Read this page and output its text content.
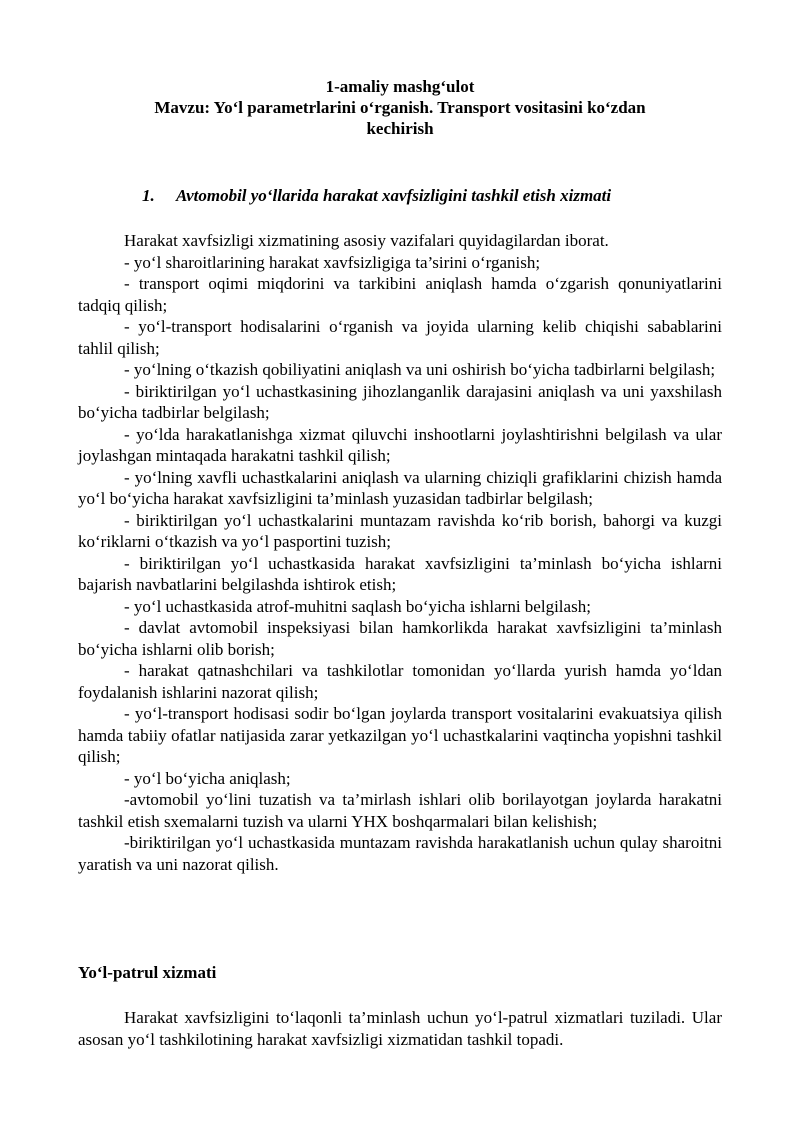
1-amaliy mashg‘ulot
Mavzu: Yo‘l parametrlarini o‘rganish. Transport vositasini ko‘zdan
kechirish
1. Avtomobil yo‘llarida harakat xavfsizligini tashkil etish xizmati

Harakat xavfsizligi xizmatining asosiy vazifalari quyidagilardan iborat.

- yo‘l sharoitlarining harakat xavfsizligiga ta’sirini o‘rganish;

- transport oqimi miqdorini va tarkibini aniqlash hamda o‘zgarish qonuniyatlarini tadqiq qilish;

- yo‘l-transport hodisalarini o‘rganish va joyida ularning kelib chiqishi sabablarini tahlil qilish;

- yo‘lning o‘tkazish qobiliyatini aniqlash va uni oshirish bo‘yicha tadbirlarni belgilash;

- biriktirilgan yo‘l uchastkasining jihozlanganlik darajasini aniqlash va uni yaxshilash bo‘yicha tadbirlar belgilash;

- yo‘lda harakatlanishga xizmat qiluvchi inshootlarni joylashtirishni belgilash va ular joylashgan mintaqada harakatni tashkil qilish;

- yo‘lning xavfli uchastkalarini aniqlash va ularning chiziqli grafiklarini chizish hamda yo‘l bo‘yicha harakat xavfsizligini ta’minlash yuzasidan tadbirlar belgilash;

- biriktirilgan yo‘l uchastkalarini muntazam ravishda ko‘rib borish, bahorgi va kuzgi ko‘riklarni o‘tkazish va yo‘l pasportini tuzish;

- biriktirilgan yo‘l uchastkasida harakat xavfsizligini ta’minlash bo‘yicha ishlarni bajarish navbatlarini belgilashda ishtirok etish;

- yo‘l uchastkasida atrof-muhitni saqlash bo‘yicha ishlarni belgilash;

- davlat avtomobil inspeksiyasi bilan hamkorlikda harakat xavfsizligini ta’minlash bo‘yicha ishlarni olib borish;

- harakat qatnashchilari va tashkilotlar tomonidan yo‘llarda yurish hamda yo‘ldan foydalanish ishlarini nazorat qilish;

- yo‘l-transport hodisasi sodir bo‘lgan joylarda transport vositalarini evakuatsiya qilish hamda tabiiy ofatlar natijasida zarar yetkazilgan yo‘l uchastkalarini vaqtincha yopishni tashkil qilish;

- yo‘l bo‘yicha aniqlash;

-avtomobil yo‘lini tuzatish va ta’mirlash ishlari olib borilayotgan joylarda harakatni tashkil etish sxemalarni tuzish va ularni YHX boshqarmalari bilan kelishish;

-biriktirilgan yo‘l uchastkasida muntazam ravishda harakatlanish uchun qulay sharoitni yaratish va uni nazorat qilish.

Yo‘l-patrul xizmati

Harakat xavfsizligini to‘laqonli ta’minlash uchun yo‘l-patrul xizmatlari tuziladi. Ular asosan yo‘l tashkilotining harakat xavfsizligi xizmatidan tashkil topadi.
